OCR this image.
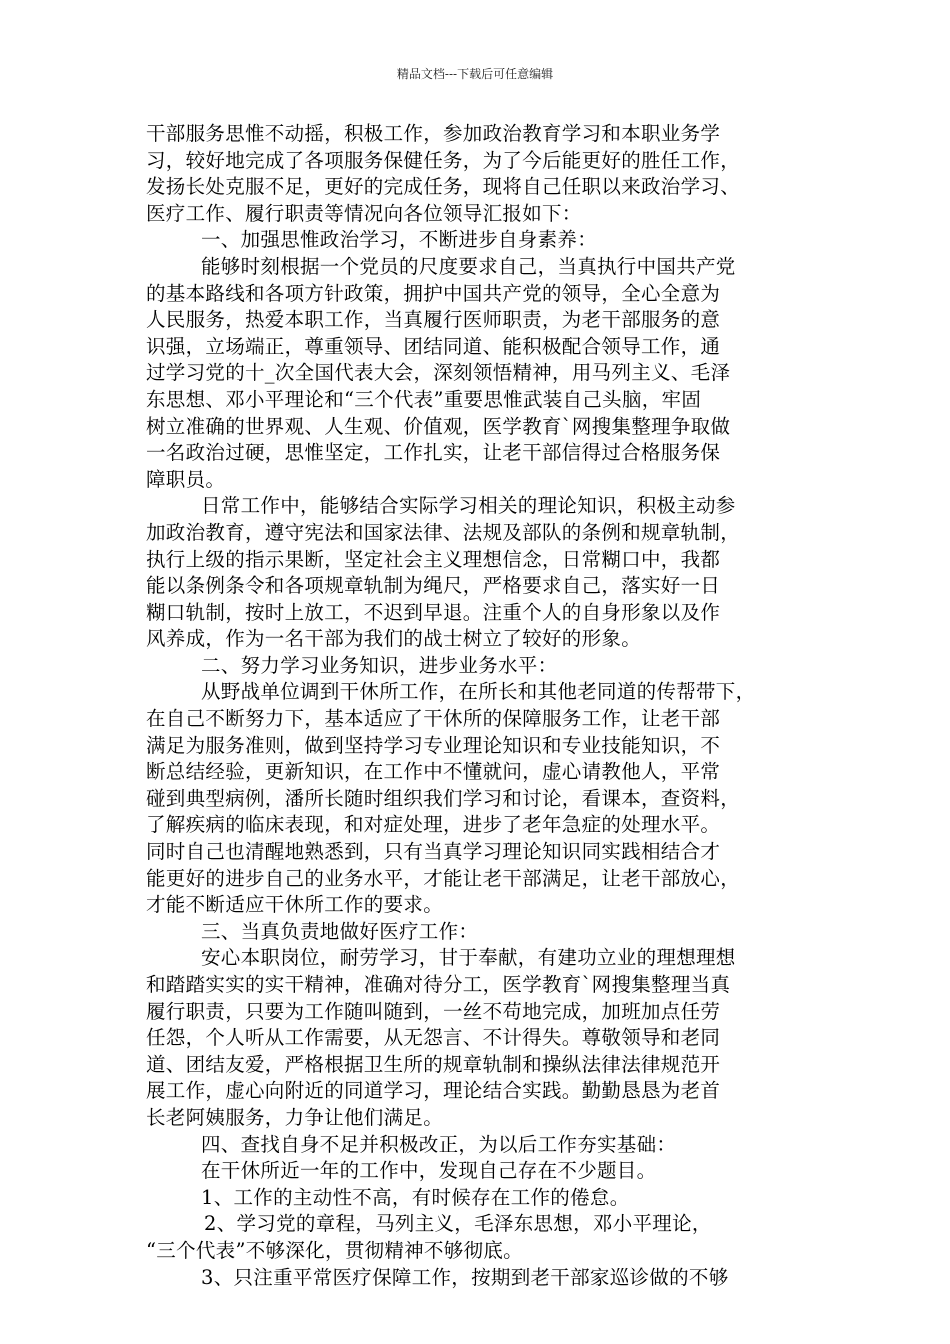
精品文档---下载后可任意编辑
干部服务思惟不动摇，积极工作，参加政治教育学习和本职业务学
习，较好地完成了各项服务保健任务，为了今后能更好的胜任工作，
发扬长处克服不足，更好的完成任务，现将自己任职以来政治学习、
医疗工作、履行职责等情况向各位领导汇报如下：
一、加强思惟政治学习，不断进步自身素养：
能够时刻根据一个党员的尺度要求自己，当真执行中国共产党
的基本路线和各项方针政策，拥护中国共产党的领导，全心全意为
人民服务，热爱本职工作，当真履行医师职责，为老干部服务的意
识强，立场端正，尊重领导、团结同道、能积极配合领导工作，通
过学习党的十_次全国代表大会，深刻领悟精神，用马列主义、毛泽
东思想、邓小平理论和“三个代表”重要思惟武装自己头脑，牢固
树立准确的世界观、人生观、价值观，医学教育`网搜集整理争取做
一名政治过硬，思惟坚定，工作扎实，让老干部信得过合格服务保
障职员。
日常工作中，能够结合实际学习相关的理论知识，积极主动参
加政治教育，遵守宪法和国家法律、法规及部队的条例和规章轨制，
执行上级的指示果断，坚定社会主义理想信念，日常糊口中，我都
能以条例条令和各项规章轨制为绳尺，严格要求自己，落实好一日
糊口轨制，按时上放工，不迟到早退。注重个人的自身形象以及作
风养成，作为一名干部为我们的战士树立了较好的形象。
二、努力学习业务知识，进步业务水平：
从野战单位调到干休所工作，在所长和其他老同道的传帮带下，
在自己不断努力下，基本适应了干休所的保障服务工作，让老干部
满足为服务准则，做到坚持学习专业理论知识和专业技能知识，不
断总结经验，更新知识，在工作中不懂就问，虚心请教他人，平常
碰到典型病例，潘所长随时组织我们学习和讨论，看课本，查资料，
了解疾病的临床表现，和对症处理，进步了老年急症的处理水平。
同时自己也清醒地熟悉到，只有当真学习理论知识同实践相结合才
能更好的进步自己的业务水平，才能让老干部满足，让老干部放心，
才能不断适应干休所工作的要求。
三、当真负责地做好医疗工作：
安心本职岗位，耐劳学习，甘于奉献，有建功立业的理想理想
和踏踏实实的实干精神，准确对待分工，医学教育`网搜集整理当真
履行职责，只要为工作随叫随到，一丝不苟地完成，加班加点任劳
任怨，个人听从工作需要，从无怨言、不计得失。尊敬领导和老同
道、团结友爱，严格根据卫生所的规章轨制和操纵法律法律规范开
展工作，虚心向附近的同道学习，理论结合实践。勤勤恳恳为老首
长老阿姨服务，力争让他们满足。
四、查找自身不足并积极改正，为以后工作夯实基础：
在干休所近一年的工作中，发现自己存在不少题目。
1、工作的主动性不高，有时候存在工作的倦怠。
2、学习党的章程，马列主义，毛泽东思想，邓小平理论，
“三个代表”不够深化，贯彻精神不够彻底。
3、只注重平常医疗保障工作，按期到老干部家巡诊做的不够
